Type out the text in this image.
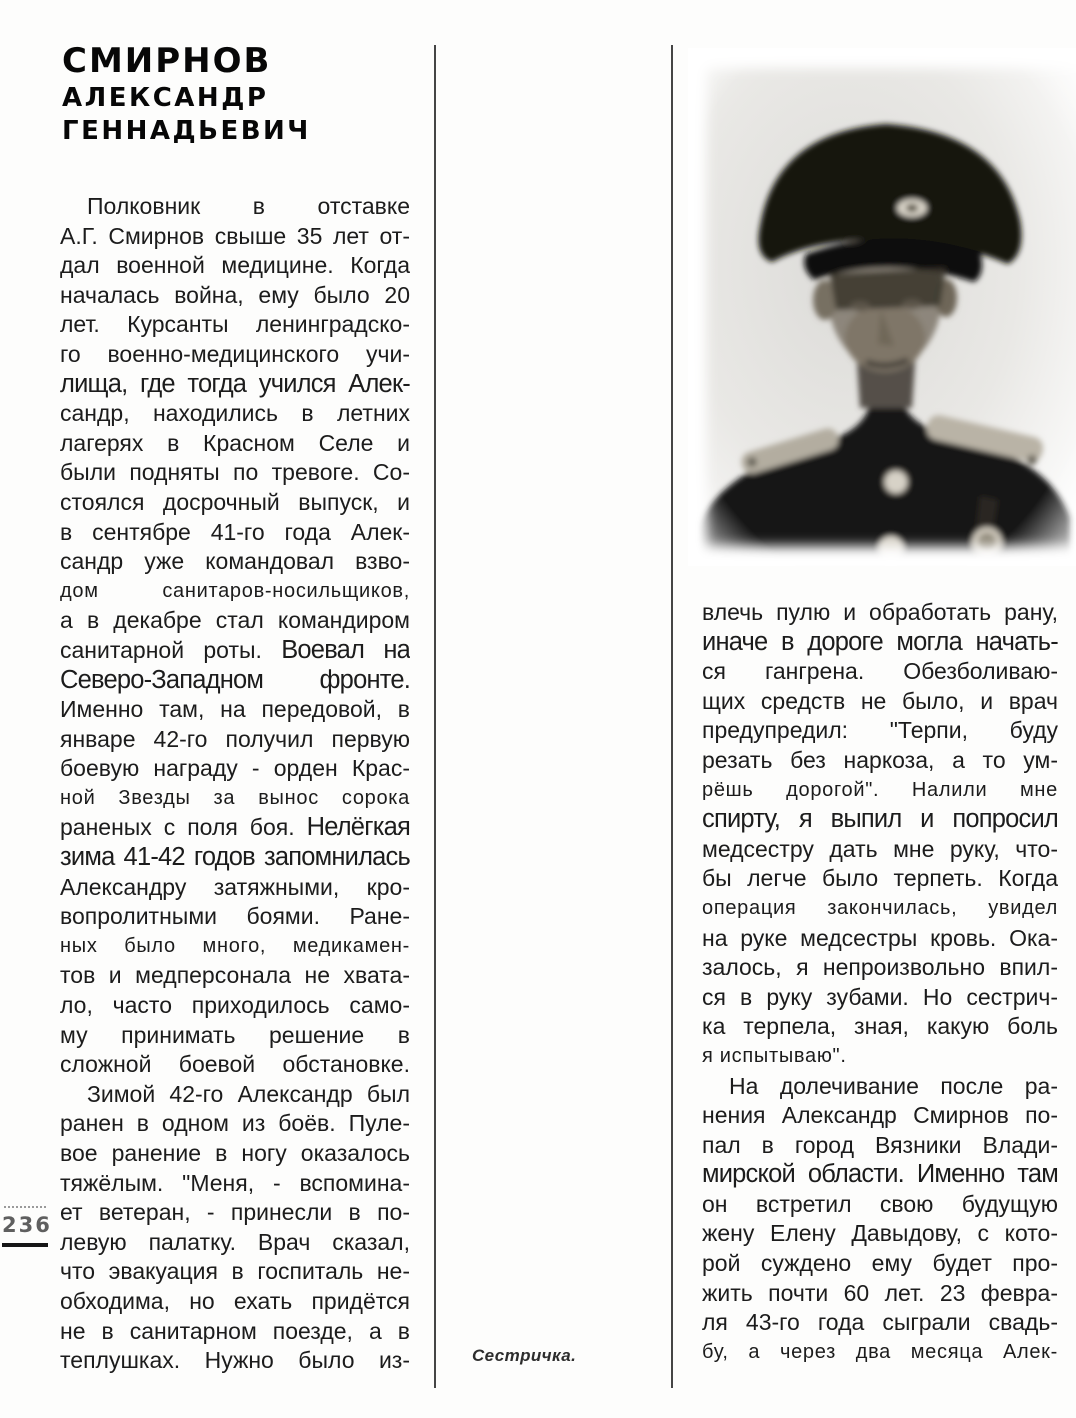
СМИРНОВ
АЛЕКСАНДР
ГЕННАДЬЕВИЧ
Полковник в отставке
А.Г. Смирнов свыше 35 лет от-
дал военной медицине. Когда
началась война, ему было 20
лет. Курсанты ленинградско-
го военно-медицинского учи-
лища, где тогда учился Алек-
сандр, находились в летних
лагерях в Красном Селе и
были подняты по тревоге. Со-
стоялся досрочный выпуск, и
в сентябре 41-го года Алек-
сандр уже командовал взво-
дом санитаров-носильщиков,
а в декабре стал командиром
санитарной роты. Воевал на
Северо-Западном фронте.
Именно там, на передовой, в
январе 42-го получил первую
боевую награду - орден Крас-
ной Звезды за вынос сорока
раненых с поля боя. Нелёгкая
зима 41-42 годов запомнилась
Александру затяжными, кро-
вопролитными боями. Ране-
ных было много, медикамен-
тов и медперсонала не хвата-
ло, часто приходилось само-
му принимать решение в
сложной боевой обстановке.
Зимой 42-го Александр был
ранен в одном из боёв. Пуле-
вое ранение в ногу оказалось
тяжёлым. "Меня, - вспомина-
ет ветеран, - принесли в по-
левую палатку. Врач сказал,
что эвакуация в госпиталь не-
обходима, но ехать придётся
не в санитарном поезде, а в
теплушках. Нужно было из-
влечь пулю и обработать рану,
иначе в дороге могла начать-
ся гангрена. Обезболиваю-
щих средств не было, и врач
предупредил: "Терпи, буду
резать без наркоза, а то ум-
рёшь дорогой". Налили мне
спирту, я выпил и попросил
медсестру дать мне руку, что-
бы легче было терпеть. Когда
операция закончилась, увидел
на руке медсестры кровь. Ока-
залось, я непроизвольно впил-
ся в руку зубами. Но сестрич-
ка терпела, зная, какую боль
я испытываю".
На долечивание после ра-
нения Александр Смирнов по-
пал в город Вязники Влади-
мирской области. Именно там
он встретил свою будущую
жену Елену Давыдову, с кото-
рой суждено ему будет про-
жить почти 60 лет. 23 февра-
ля 43-го года сыграли свадь-
бу, а через два месяца Алек-
236
Сестричка.
